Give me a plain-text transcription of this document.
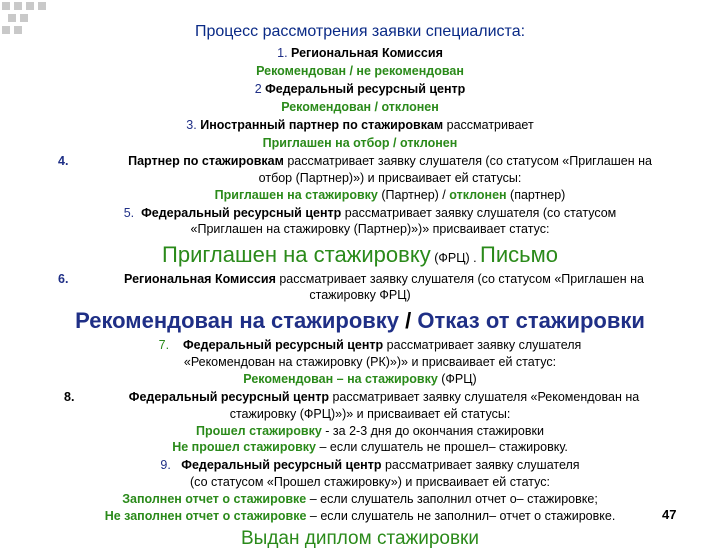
Процесс рассмотрения заявки специалиста:
1. Региональная Комиссия
Рекомендован / не рекомендован
2 Федеральный ресурсный центр
Рекомендован / отклонен
3. Иностранный партнер по стажировкам рассматривает
Приглашен на отбор / отклонен
4.	Партнер по стажировкам рассматривает заявку слушателя (со статусом «Приглашен на
отбор (Партнер)») и присваивает ей статусы:
Приглашен на стажировку (Партнер) / отклонен (партнер)
5. Федеральный ресурсный центр рассматривает заявку слушателя (со статусом
«Приглашен на стажировку (Партнер)»)» присваивает статус:
Приглашен на стажировку (ФРЦ) . Письмо
6.	Региональная Комиссия рассматривает заявку слушателя (со статусом «Приглашен на
стажировку ФРЦ)
Рекомендован на стажировку / Отказ от стажировки
7. Федеральный ресурсный центр рассматривает заявку слушателя
«Рекомендован на стажировку (РК)»)» и присваивает ей статус:
Рекомендован – на стажировку (ФРЦ)
8.	Федеральный ресурсный центр рассматривает заявку слушателя «Рекомендован на
стажировку (ФРЦ)»)» и присваивает ей статусы:
Прошел стажировку - за 2-3 дня до окончания стажировки
Не прошел стажировку – если слушатель не прошел– стажировку.
9. Федеральный ресурсный центр рассматривает заявку слушателя
(со статусом «Прошел стажировку») и присваивает ей статус:
Заполнен отчет о стажировке – если слушатель заполнил отчет о– стажировке;
Не заполнен отчет о стажировке – если слушатель не заполнил– отчет о стажировке.	47
Выдан диплом стажировки
